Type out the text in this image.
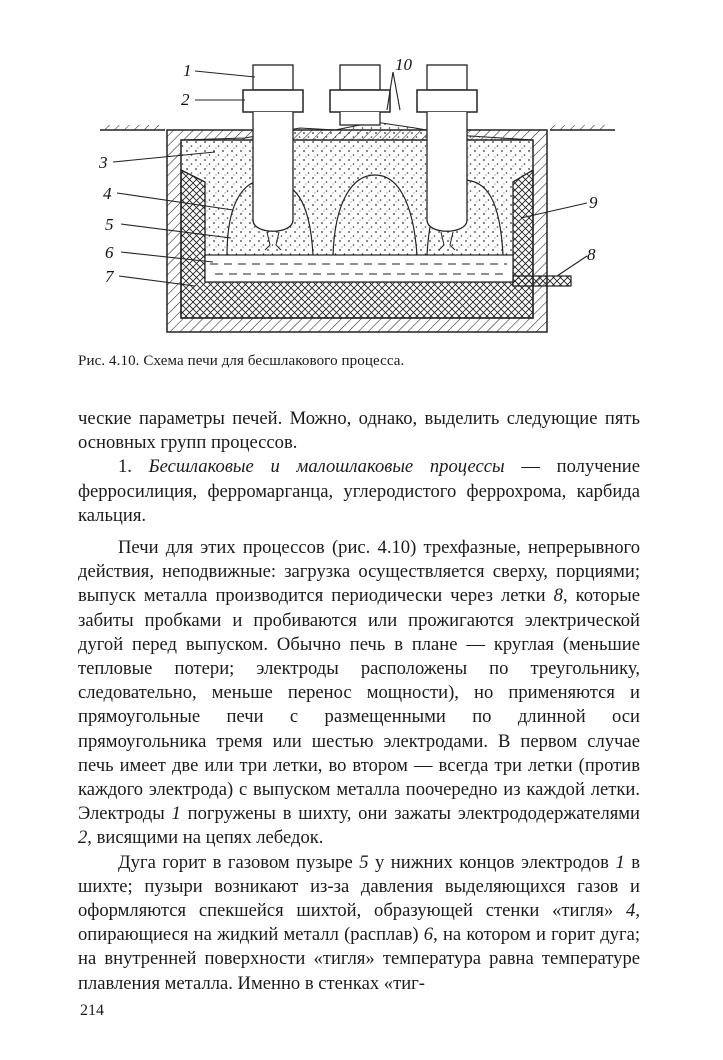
1
2
3
4
5
6
7
8
9
10
Рис. 4.10. Схема печи для бесшлакового процесса.

ческие параметры печей. Можно, однако, выделить следующие пять основных групп процессов.

1. Бесшлаковые и малошлаковые процессы — получение ферросилиция, ферромарганца, углеродистого феррохрома, карбида кальция.

Печи для этих процессов (рис. 4.10) трехфазные, непрерывного действия, неподвижные: загрузка осуществляется сверху, порциями; выпуск металла производится периодически через летки 8, которые забиты пробками и пробиваются или прожигаются электрической дугой перед выпуском. Обычно печь в плане — круглая (меньшие тепловые потери; электроды расположены по треугольнику, следовательно, меньше перенос мощности), но применяются и прямоугольные печи с размещенными по длинной оси прямоугольника тремя или шестью электродами. В первом случае печь имеет две или три летки, во втором — всегда три летки (против каждого электрода) с выпуском металла поочередно из каждой летки. Электроды 1 погружены в шихту, они зажаты электрододержателями 2, висящими на цепях лебедок.

Дуга горит в газовом пузыре 5 у нижних концов электродов 1 в шихте; пузыри возникают из-за давления выделяющихся газов и оформляются спекшейся шихтой, образующей стенки «тигля» 4, опирающиеся на жидкий металл (расплав) 6, на котором и горит дуга; на внутренней поверхности «тигля» температура равна температуре плавления металла. Именно в стенках «тиг-

214
